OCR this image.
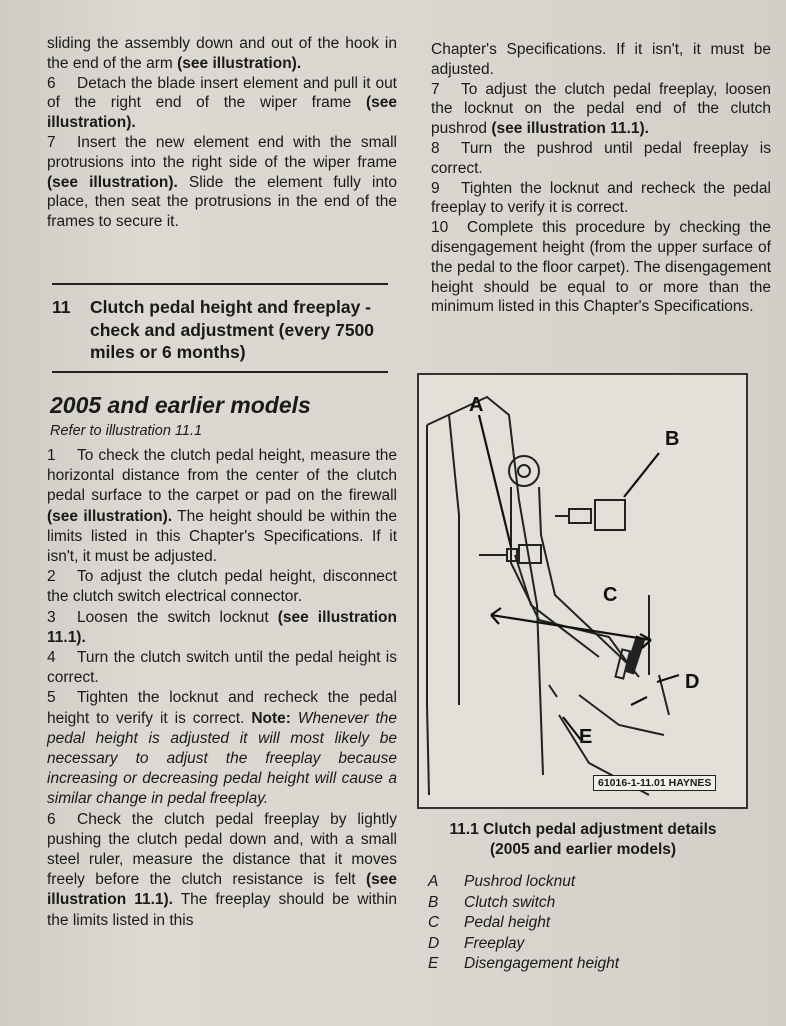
sliding the assembly down and out of the hook in the end of the arm (see illustration).

6 Detach the blade insert element and pull it out of the right end of the wiper frame (see illustration).

7 Insert the new element end with the small protrusions into the right side of the wiper frame (see illustration). Slide the element fully into place, then seat the protrusions in the end of the frames to secure it.

11 Clutch pedal height and freeplay - check and adjustment (every 7500 miles or 6 months)
2005 and earlier models
Refer to illustration 11.1

1 To check the clutch pedal height, measure the horizontal distance from the center of the clutch pedal surface to the carpet or pad on the firewall (see illustration). The height should be within the limits listed in this Chapter's Specifications. If it isn't, it must be adjusted.

2 To adjust the clutch pedal height, disconnect the clutch switch electrical connector.

3 Loosen the switch locknut (see illustration 11.1).

4 Turn the clutch switch until the pedal height is correct.

5 Tighten the locknut and recheck the pedal height to verify it is correct. Note: Whenever the pedal height is adjusted it will most likely be necessary to adjust the freeplay because increasing or decreasing pedal height will cause a similar change in pedal freeplay.

6 Check the clutch pedal freeplay by lightly pushing the clutch pedal down and, with a small steel ruler, measure the distance that it moves freely before the clutch resistance is felt (see illustration 11.1). The freeplay should be within the limits listed in this

Chapter's Specifications. If it isn't, it must be adjusted.

7 To adjust the clutch pedal freeplay, loosen the locknut on the pedal end of the clutch pushrod (see illustration 11.1).

8 Turn the pushrod until pedal freeplay is correct.

9 Tighten the locknut and recheck the pedal freeplay to verify it is correct.

10 Complete this procedure by checking the disengagement height (from the upper surface of the pedal to the floor carpet). The disengagement height should be equal to or more than the minimum listed in this Chapter's Specifications.

A
B
C
D
E
61016-1-11.01 HAYNES
11.1 Clutch pedal adjustment details
(2005 and earlier models)
A	Pushrod locknut
B	Clutch switch
C	Pedal height
D	Freeplay
E	Disengagement height
